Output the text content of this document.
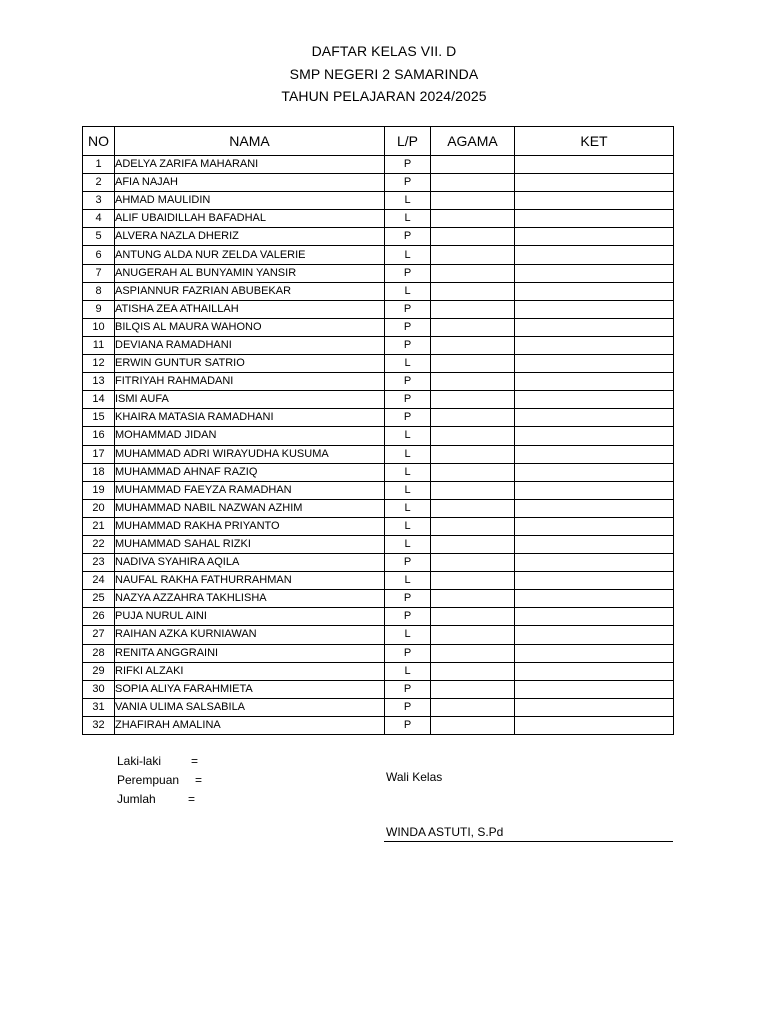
DAFTAR KELAS VII. D
SMP NEGERI 2 SAMARINDA
TAHUN PELAJARAN 2024/2025
NO	NAMA	L/P	AGAMA	KET
1	ADELYA ZARIFA MAHARANI	P		
2	AFIA NAJAH	P		
3	AHMAD MAULIDIN	L		
4	ALIF UBAIDILLAH BAFADHAL	L		
5	ALVERA NAZLA DHERIZ	P		
6	ANTUNG ALDA NUR ZELDA VALERIE	L		
7	ANUGERAH AL BUNYAMIN YANSIR	P		
8	ASPIANNUR FAZRIAN ABUBEKAR	L		
9	ATISHA ZEA ATHAILLAH	P		
10	BILQIS AL MAURA WAHONO	P		
11	DEVIANA RAMADHANI	P		
12	ERWIN GUNTUR SATRIO	L		
13	FITRIYAH RAHMADANI	P		
14	ISMI AUFA	P		
15	KHAIRA MATASIA RAMADHANI	P		
16	MOHAMMAD JIDAN	L		
17	MUHAMMAD ADRI WIRAYUDHA KUSUMA	L		
18	MUHAMMAD AHNAF RAZIQ	L		
19	MUHAMMAD FAEYZA RAMADHAN	L		
20	MUHAMMAD NABIL NAZWAN AZHIM	L		
21	MUHAMMAD RAKHA PRIYANTO	L		
22	MUHAMMAD SAHAL RIZKI	L		
23	NADIVA SYAHIRA AQILA	P		
24	NAUFAL RAKHA FATHURRAHMAN	L		
25	NAZYA AZZAHRA TAKHLISHA	P		
26	PUJA NURUL AINI	P		
27	RAIHAN AZKA KURNIAWAN	L		
28	RENITA ANGGRAINI	P		
29	RIFKI ALZAKI	L		
30	SOPIA ALIYA FARAHMIETA	P		
31	VANIA ULIMA SALSABILA	P		
32	ZHAFIRAH AMALINA	P		
Laki-laki	=
Perempuan	=
Jumlah	=
Wali Kelas
WINDA ASTUTI, S.Pd
